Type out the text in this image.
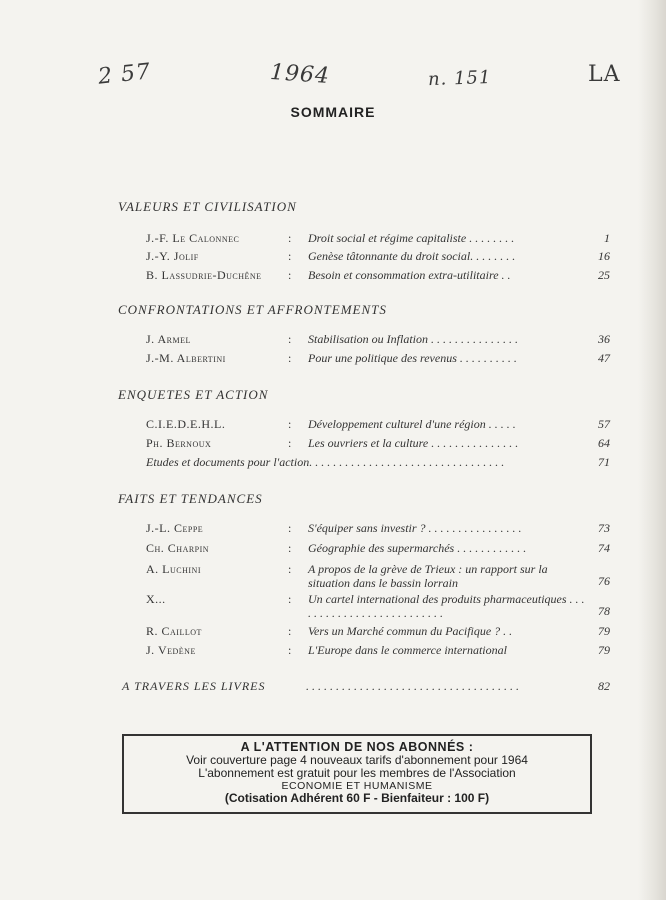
2 57	1964	n. 151	LA
SOMMAIRE
VALEURS ET CIVILISATION
J.-F. Le Calonnec	: Droit social et régime capitaliste . . . . . . . .	1
J.-Y. Jolif	: Genèse tâtonnante du droit social. . . . . . . .	16
B. Lassudrie-Duchêne : Besoin et consommation extra-utilitaire . .	25
CONFRONTATIONS ET AFFRONTEMENTS
J. Armel	: Stabilisation ou Inflation . . . . . . . . . . . . . . .	36
J.-M. Albertini	: Pour une politique des revenus . . . . . . . . . .	47
ENQUETES ET ACTION
C.I.E.D.E.H.L.	: Développement culturel d'une région . . . . .	57
Ph. Bernoux	: Les ouvriers et la culture . . . . . . . . . . . . . . .	64
Etudes et documents pour l'action. . . . . . . . . . . . . . . . . . . . . . . . . . . . . . . . .	71
FAITS ET TENDANCES
J.-L. Ceppe	: S'équiper sans investir ? . . . . . . . . . . . . . . . .	73
Ch. Charpin	: Géographie des supermarchés . . . . . . . . . . . .	74
A. Luchini	: A propos de la grève de Trieux : un rapport sur la situation dans le bassin lorrain	76
X...	: Un cartel international des produits pharmaceutiques . . . . . . . . . . . . . . . . . . . . . . . . . .	78
R. Caillot	: Vers un Marché commun du Pacifique ? . .	79
J. Vedène	: L'Europe dans le commerce international	79
A TRAVERS LES LIVRES	. . . . . . . . . . . . . . . . . . . . . . . . . . . . . . . . . . . .	82
A L'ATTENTION DE NOS ABONNÉS :
Voir couverture page 4 nouveaux tarifs d'abonnement pour 1964
L'abonnement est gratuit pour les membres de l'Association
ECONOMIE ET HUMANISME
(Cotisation Adhérent 60 F - Bienfaiteur : 100 F)
